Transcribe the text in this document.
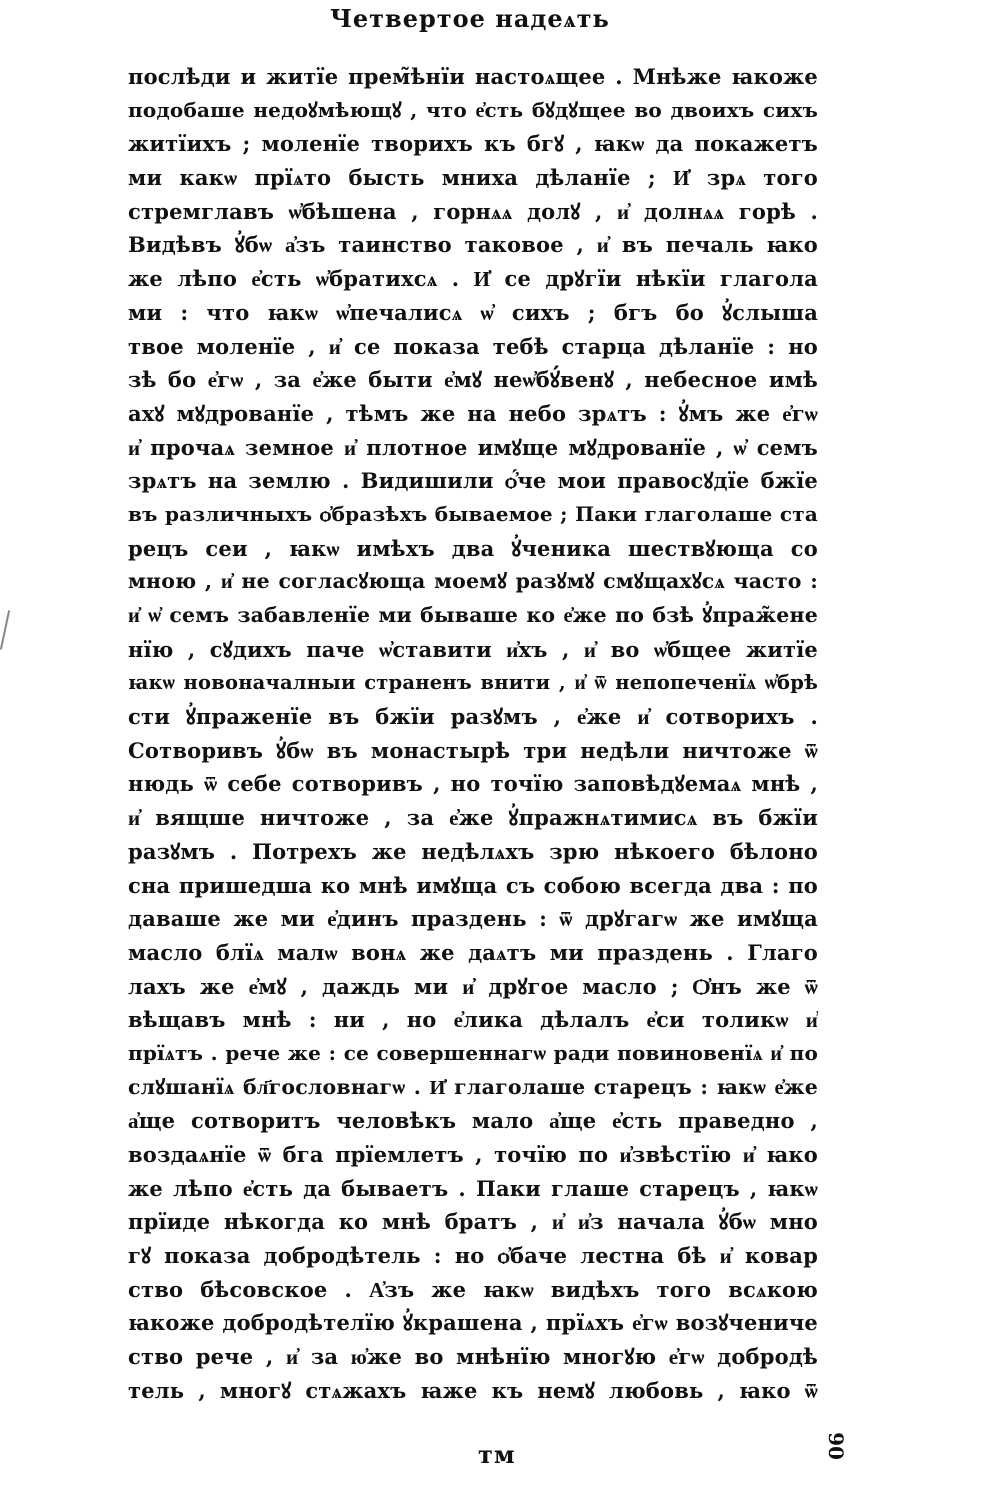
Четвертое надеѧть
послѣди и житїе прем̃ѣнїи настоѧщее . Мнѣже ꙗкоже
подобаше недоꙋмѣющꙋ , что е҆сть бꙋдꙋщее во двоихъ сихъ
житїихъ ; моленїе творихъ къ бгꙋ , ꙗкѡ да покажетъ
ми какѡ прїѧто бысть мниха дѣланїе ; И҆ зрѧ того
стремглавъ ѡ҆бѣшена , горнѧѧ долꙋ , и҆ долнѧѧ горѣ .
Видѣвъ ꙋ҆бѡ а҆зъ таинство таковое , и҆ въ печаль ꙗко
же лѣпо е҆сть ѡ҆братихсѧ . И҆ се дрꙋгїи нѣкїи глагола
ми : что ꙗкѡ ѡ҆печалисѧ ѡ҆ сихъ ; бгъ бо ꙋ҆слыша
твое моленїе , и҆ се показа тебѣ старца дѣланїе : но
зѣ бо е҆гѡ , за е҆же быти е҆мꙋ неѡ҆бꙋ́венꙋ , небесное имѣ
ахꙋ мꙋдрованїе , тѣмъ же на небо зрѧтъ : ꙋ҆мъ же е҆гѡ
и҆ прочаѧ земное и҆ плотное имꙋще мꙋдрованїе , ѡ҆ семъ
зрѧтъ на землю . Видишили ѻ҆́че мои правосꙋдїе бжїе
въ различныхъ ѻ҆бразѣхъ бываемое ; Паки глаголаше ста
рецъ сеи , ꙗкѡ имѣхъ два ꙋ҆ченика шествꙋюща со
мною , и҆ не согласꙋюща моемꙋ разꙋмꙋ смꙋщахꙋсѧ часто :
и҆ ѡ҆ семъ забавленїе ми бываше ко е҆же по бзѣ ꙋ҆праж̃ене
нїю , сꙋдихъ паче ѡ҆ставити и҆хъ , и҆ во ѡ҆бщее житїе
ꙗкѡ новоначалныи страненъ внити , и҆ ѿ непопеченїѧ ѡ҆брѣ
сти ꙋ҆праженїе въ бжїи разꙋмъ , е҆же и҆ сотворихъ .
Сотворивъ ꙋ҆бѡ въ монастырѣ три недѣли ничтоже ѿ
нюдь ѿ себе сотворивъ , но точїю заповѣдꙋемаѧ мнѣ ,
и҆ вящше ничтоже , за е҆же ꙋ҆пражнѧтимисѧ въ бжїи
разꙋмъ . Потрехъ же недѣлѧхъ зрю нѣкоего бѣлоно
сна пришедша ко мнѣ имꙋща съ собою всегда два : по
даваше же ми е҆динъ праздень : ѿ дрꙋгагѡ же имꙋща
масло блїѧ малѡ вонѧ же даѧтъ ми праздень . Глаго
лахъ же е҆мꙋ , даждь ми и҆ дрꙋгое масло ; Ѻ҆нъ же ѿ
вѣщавъ мнѣ : ни , но е҆лика дѣлалъ е҆си толикѡ и҆
прїѧтъ . рече же : се совершеннагѡ ради повиновенїѧ и҆ по
слꙋшанїѧ бл҃гословнагѡ . И҆ глаголаше старецъ : ꙗкѡ е҆же
а҆ще сотворитъ человѣкъ мало а҆ще е҆сть праведно ,
воздаѧнїе ѿ бга прїемлетъ , точїю по и҆звѣстїю и҆ ꙗко
же лѣпо е҆сть да бываетъ . Паки глаше старецъ , ꙗкѡ
прїиде нѣкогда ко мнѣ братъ , и҆ и҆з начала ꙋ҆бѡ мно
гꙋ показа добродѣтель : но ѻ҆баче лестна бѣ и҆ ковар
ство бѣсовское . А҆зъ же ꙗкѡ видѣхъ того всѧкою
ꙗкоже добродѣтелїю ꙋ҆крашена , прїѧхъ е҆гѡ возꙋчениче
ство рече , и҆ за ю҆же во мнѣнїю многꙋю е҆гѡ добродѣ
тель , многꙋ стѧжахъ ꙗже къ немꙋ любовь , ꙗко ѿ
тм	90
